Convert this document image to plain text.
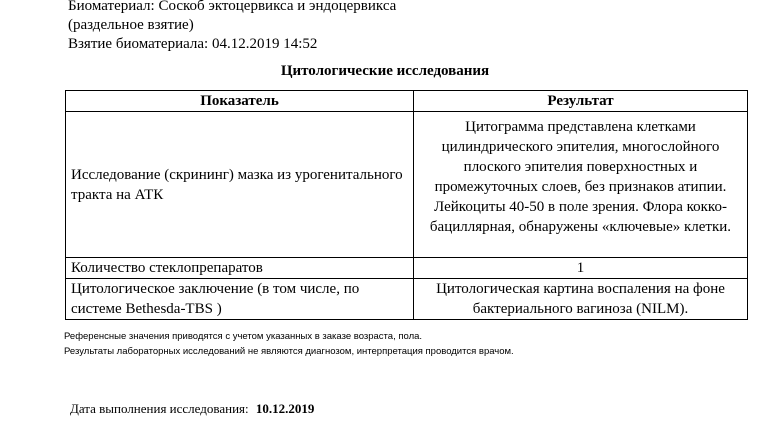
Биоматериал: Соскоб эктоцервикса и эндоцервикса
(раздельное взятие)
Взятие биоматериала: 04.12.2019 14:52
Цитологические исследования
Показатель	Результат
Исследование (скрининг) мазка из урогенитального тракта на АТК	Цитограмма представлена клетками цилиндрического эпителия, многослойного плоского эпителия поверхностных и промежуточных слоев, без признаков атипии. Лейкоциты 40-50 в поле зрения. Флора кокко-бациллярная, обнаружены «ключевые» клетки.
Количество стеклопрепаратов	1
Цитологическое заключение (в том числе, по системе Bethesda-TBS )	Цитологическая картина воспаления на фоне бактериального вагиноза (NILM).
Референсные значения приводятся с учетом указанных в заказе возраста, пола.
Результаты лабораторных исследований не являются диагнозом, интерпретация проводится врачом.
Дата выполнения исследования: 10.12.2019
